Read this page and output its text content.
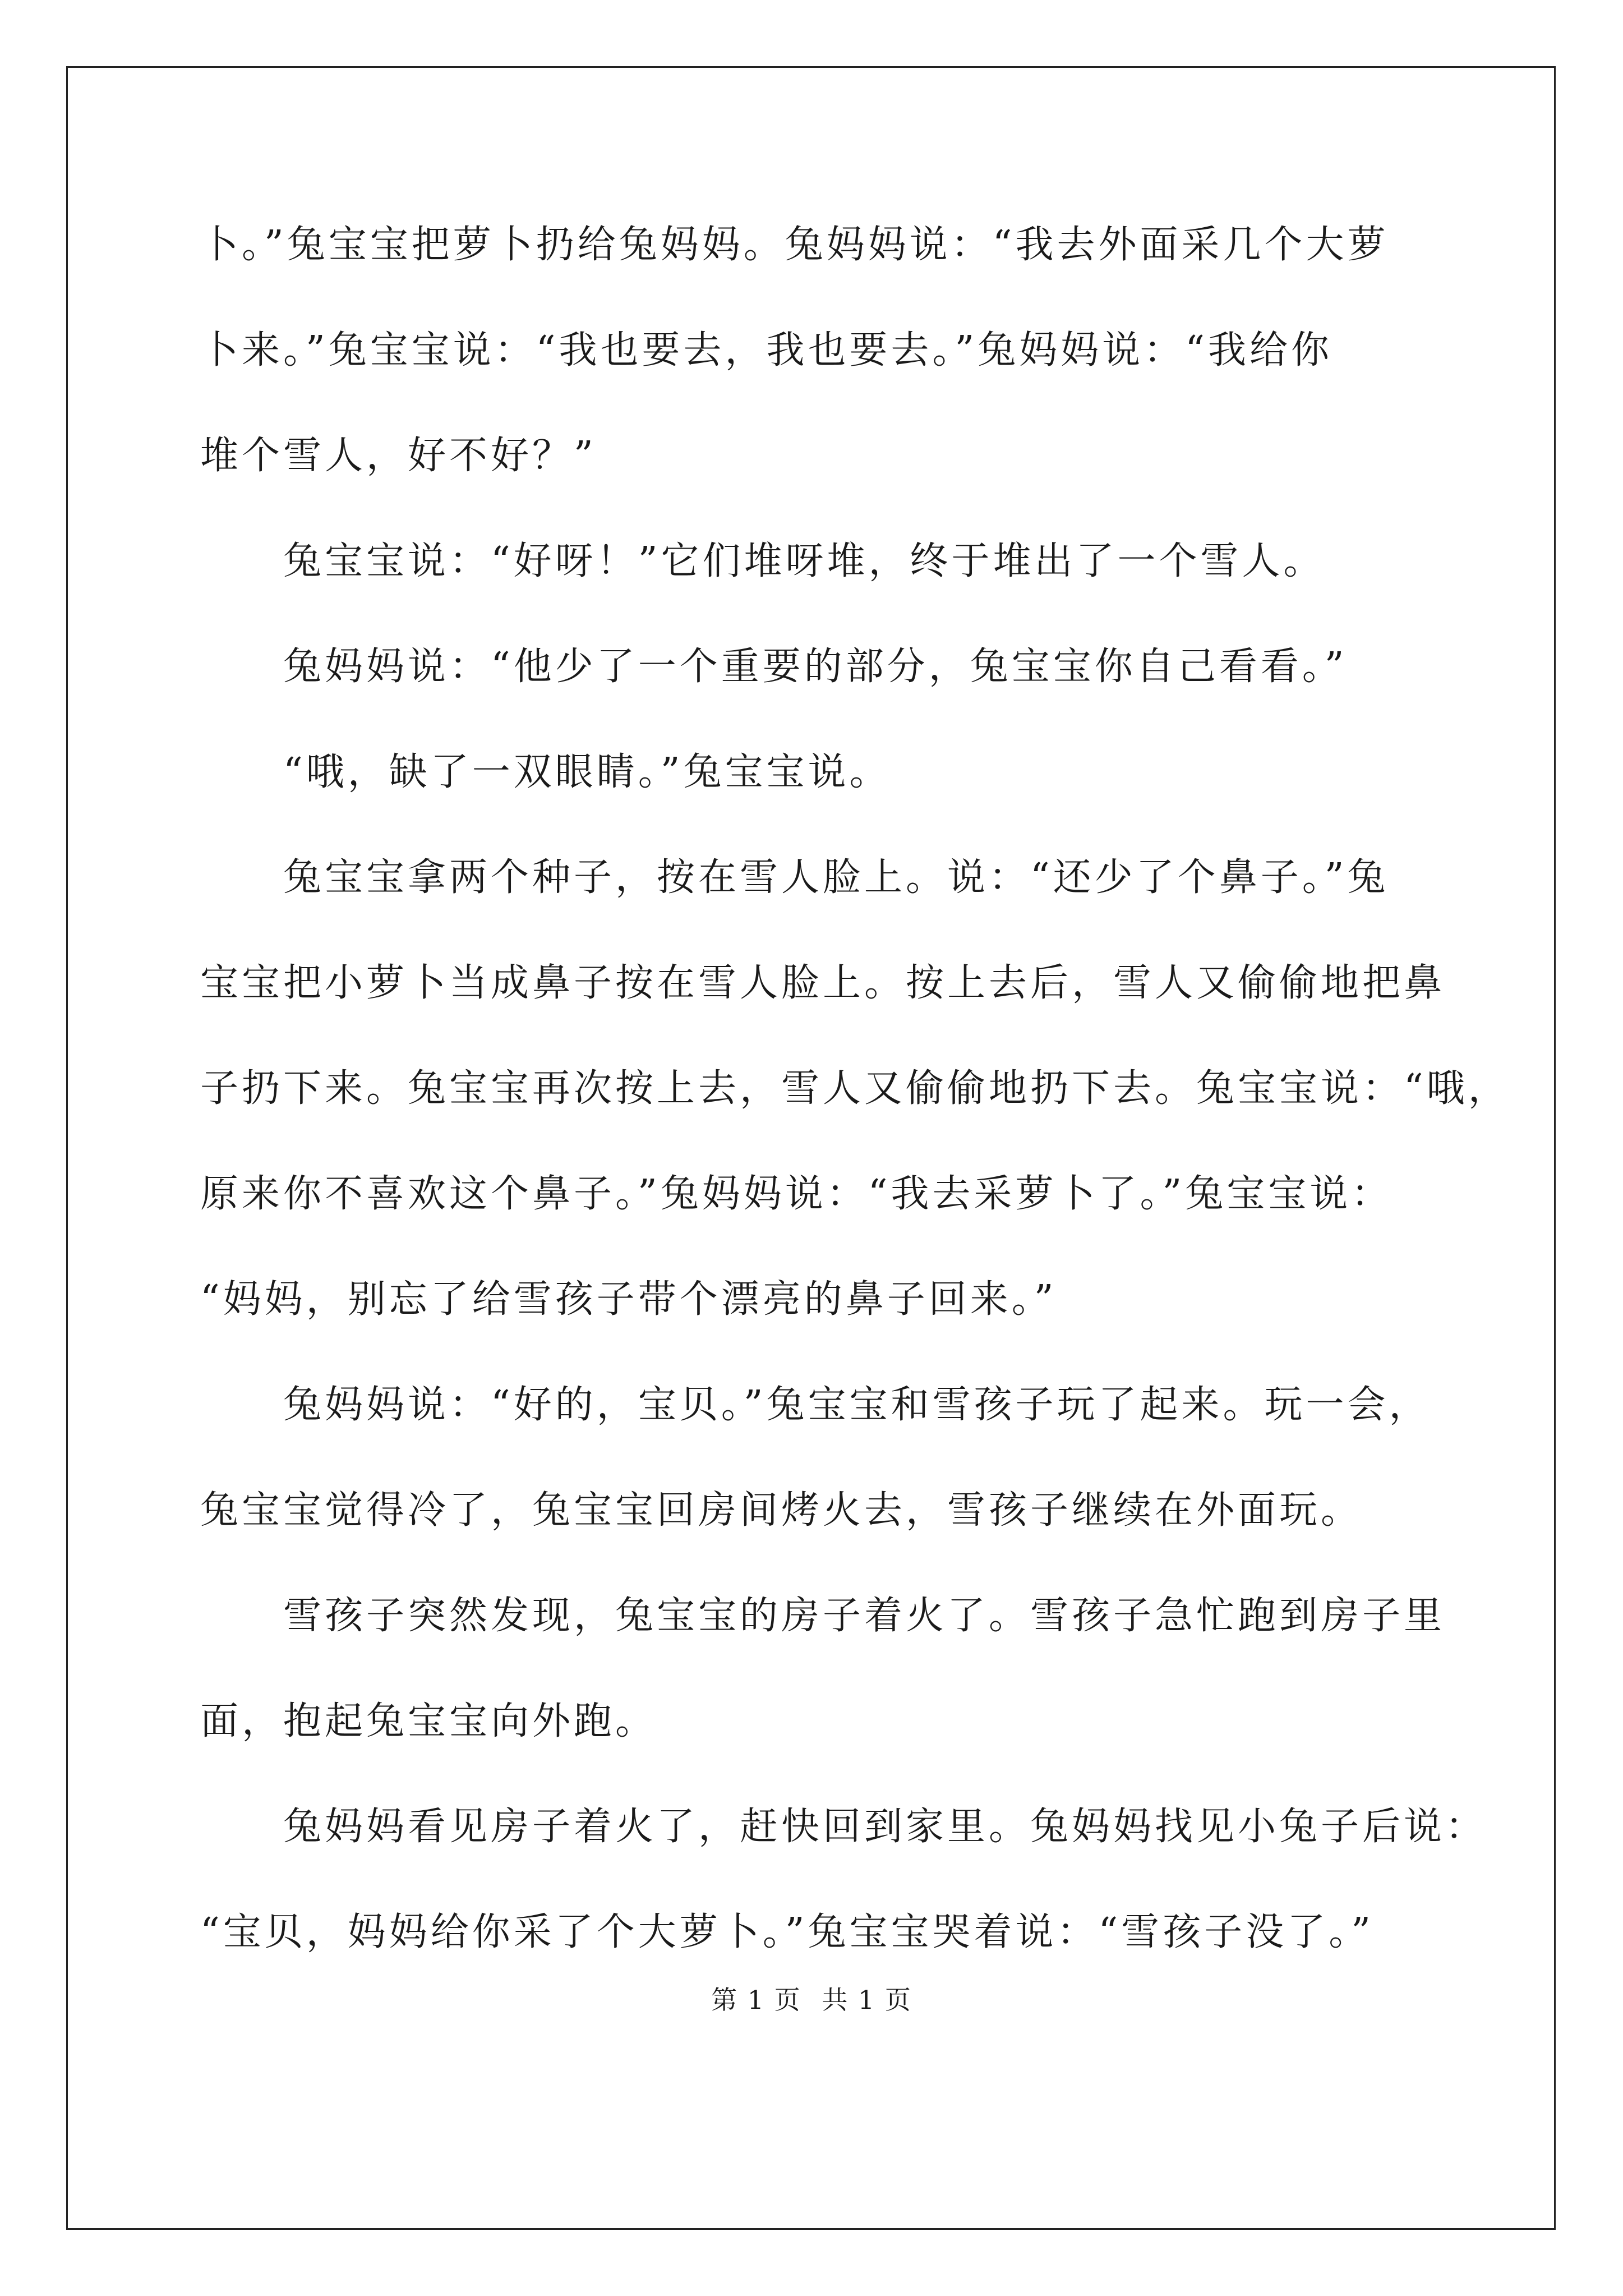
卜。”兔宝宝把萝卜扔给兔妈妈。兔妈妈说：“我去外面采几个大萝
卜来。”兔宝宝说：“我也要去，我也要去。”兔妈妈说：“我给你
堆个雪人，好不好？”
兔宝宝说：“好呀！”它们堆呀堆，终于堆出了一个雪人。
兔妈妈说：“他少了一个重要的部分，兔宝宝你自己看看。”
“哦，缺了一双眼睛。”兔宝宝说。
兔宝宝拿两个种子，按在雪人脸上。说：“还少了个鼻子。”兔
宝宝把小萝卜当成鼻子按在雪人脸上。按上去后，雪人又偷偷地把鼻
子扔下来。兔宝宝再次按上去，雪人又偷偷地扔下去。兔宝宝说：“哦，
原来你不喜欢这个鼻子。”兔妈妈说：“我去采萝卜了。”兔宝宝说：
“妈妈，别忘了给雪孩子带个漂亮的鼻子回来。”
兔妈妈说：“好的，宝贝。”兔宝宝和雪孩子玩了起来。玩一会，
兔宝宝觉得冷了，兔宝宝回房间烤火去，雪孩子继续在外面玩。
雪孩子突然发现，兔宝宝的房子着火了。雪孩子急忙跑到房子里
面，抱起兔宝宝向外跑。
兔妈妈看见房子着火了，赶快回到家里。兔妈妈找见小兔子后说：
“宝贝，妈妈给你采了个大萝卜。”兔宝宝哭着说：“雪孩子没了。”
第 1 页 共 1 页
